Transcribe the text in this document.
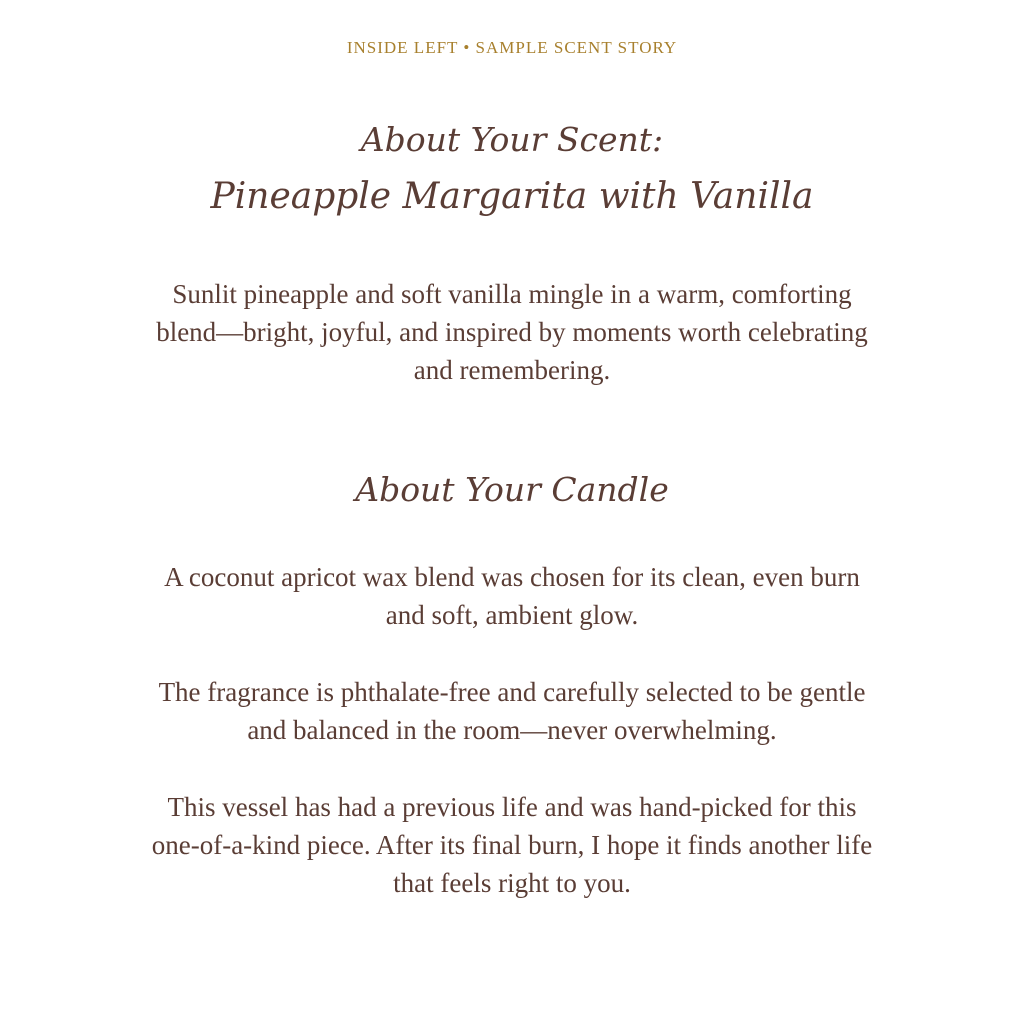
INSIDE LEFT • SAMPLE SCENT STORY
About Your Scent:
Pineapple Margarita with Vanilla
Sunlit pineapple and soft vanilla mingle in a warm, comforting blend—bright, joyful, and inspired by moments worth celebrating and remembering.
About Your Candle
A coconut apricot wax blend was chosen for its clean, even burn and soft, ambient glow.
The fragrance is phthalate-free and carefully selected to be gentle and balanced in the room—never overwhelming.
This vessel has had a previous life and was hand-picked for this one-of-a-kind piece. After its final burn, I hope it finds another life that feels right to you.
